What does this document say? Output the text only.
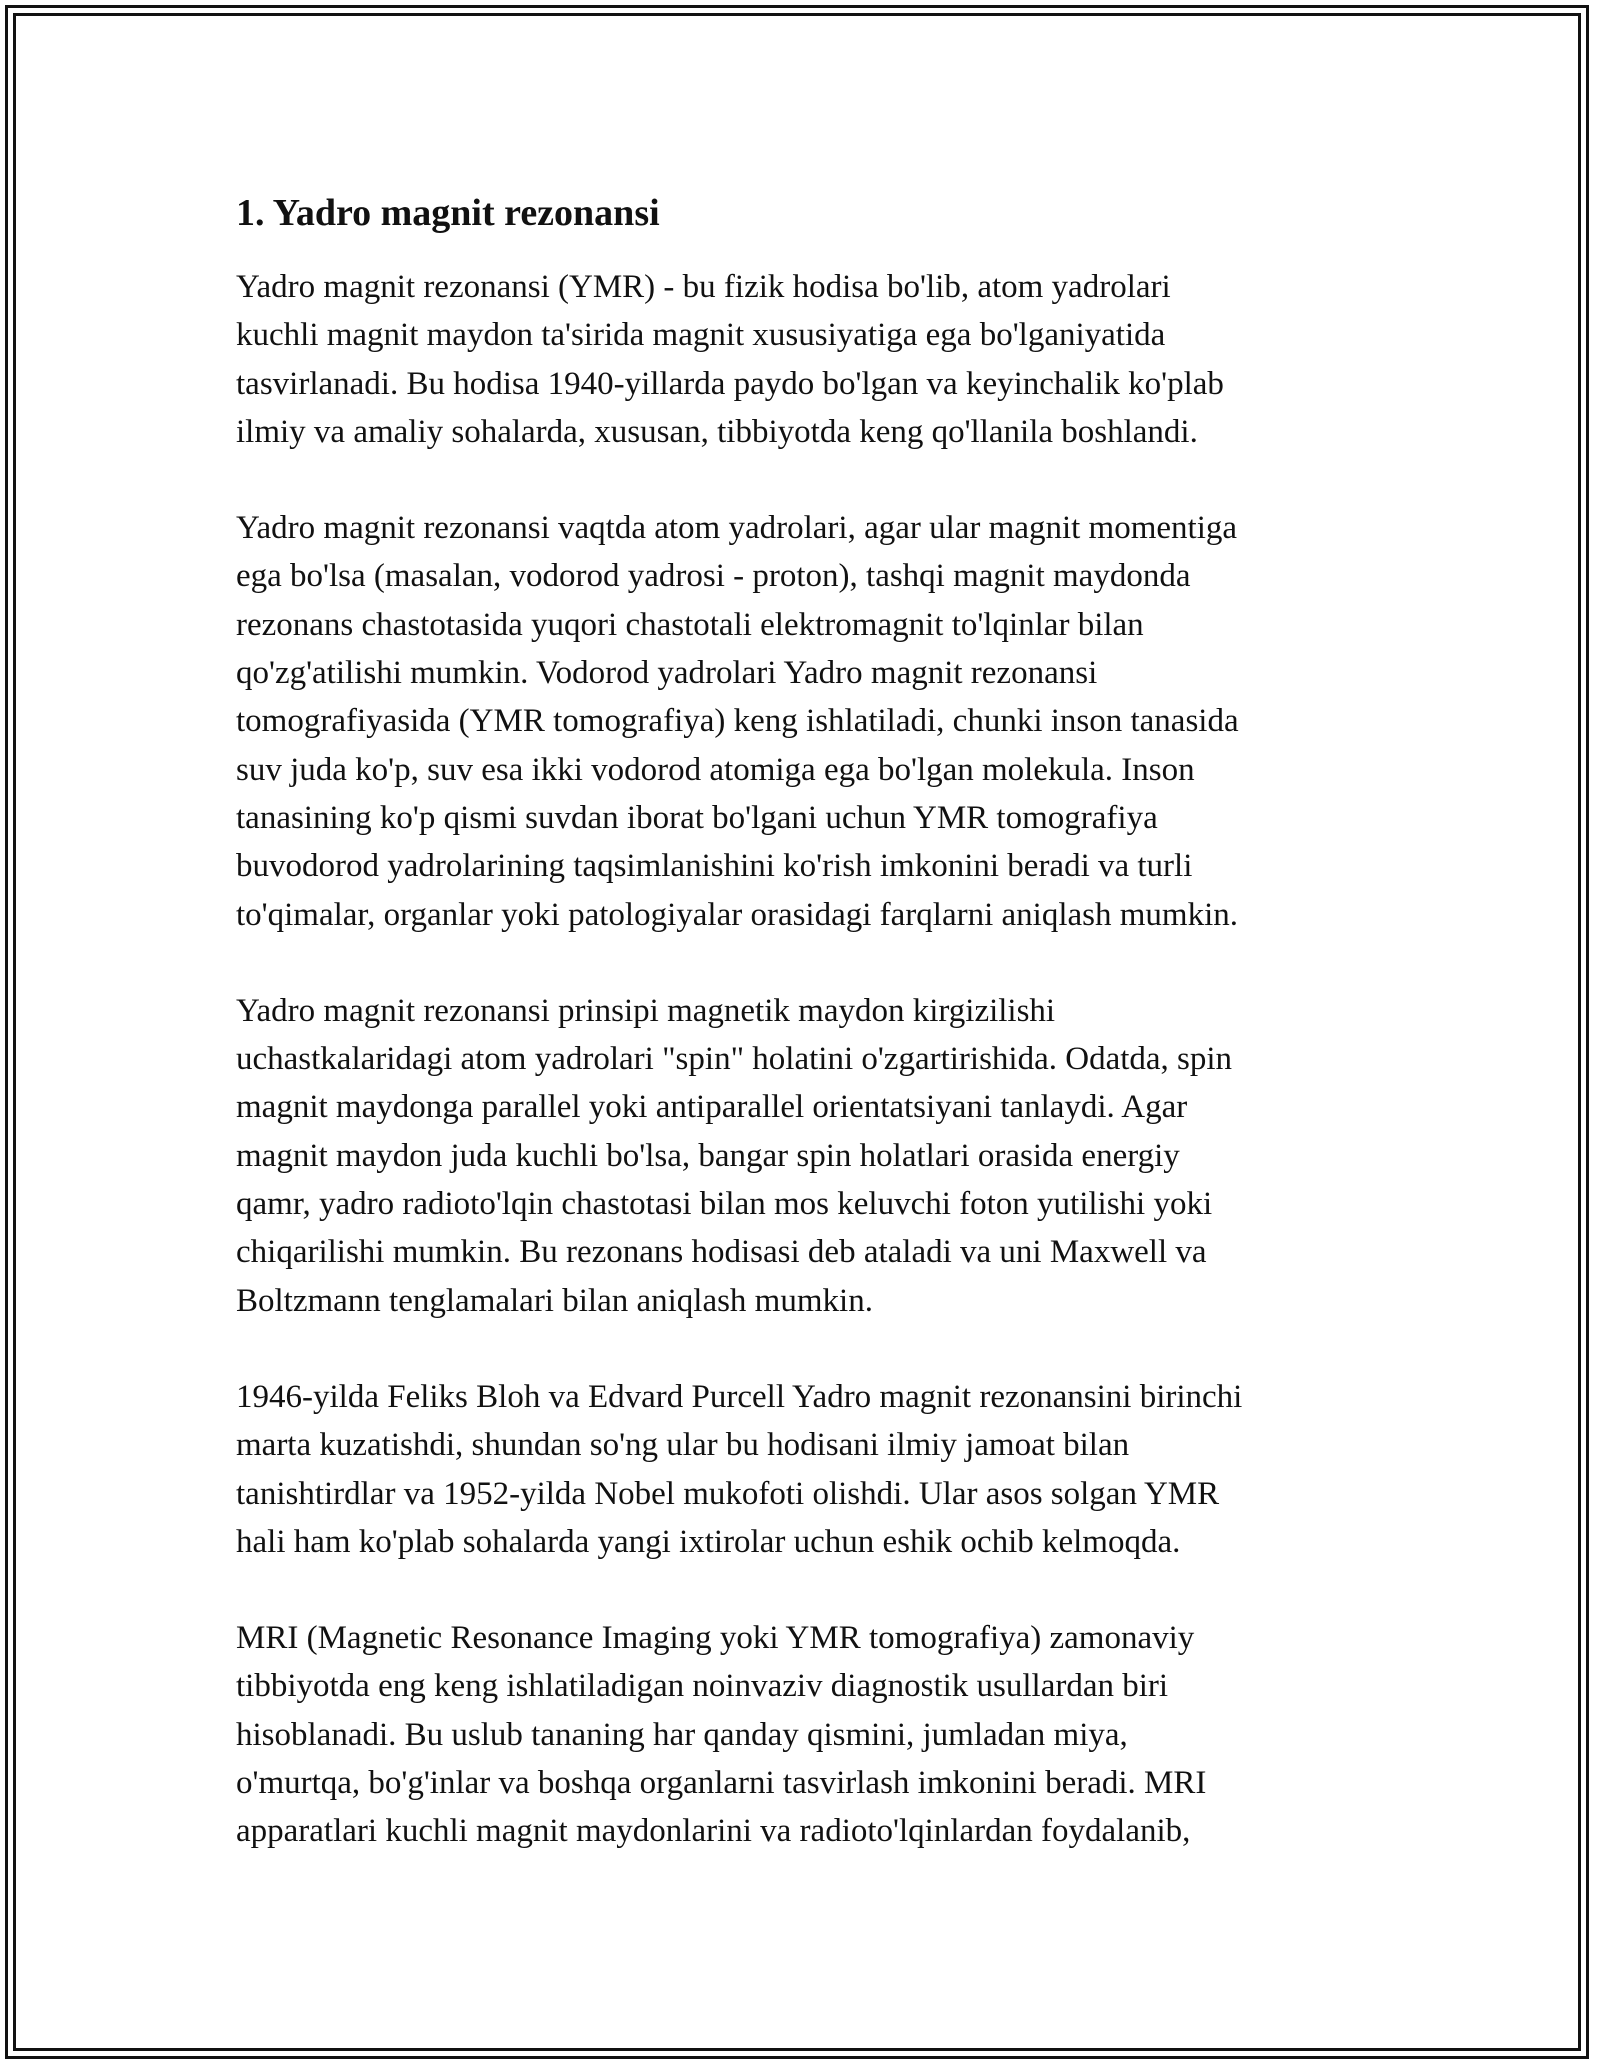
1. Yadro magnit rezonansi

Yadro magnit rezonansi (YMR) - bu fizik hodisa bo'lib, atom yadrolari
kuchli magnit maydon ta'sirida magnit xususiyatiga ega bo'lganiyatida
tasvirlanadi. Bu hodisa 1940-yillarda paydo bo'lgan va keyinchalik ko'plab
ilmiy va amaliy sohalarda, xususan, tibbiyotda keng qo'llanila boshlandi.

Yadro magnit rezonansi vaqtda atom yadrolari, agar ular magnit momentiga
ega bo'lsa (masalan, vodorod yadrosi - proton), tashqi magnit maydonda
rezonans chastotasida yuqori chastotali elektromagnit to'lqinlar bilan
qo'zg'atilishi mumkin. Vodorod yadrolari Yadro magnit rezonansi
tomografiyasida (YMR tomografiya) keng ishlatiladi, chunki inson tanasida
suv juda ko'p, suv esa ikki vodorod atomiga ega bo'lgan molekula. Inson
tanasining ko'p qismi suvdan iborat bo'lgani uchun YMR tomografiya
buvodorod yadrolarining taqsimlanishini ko'rish imkonini beradi va turli
to'qimalar, organlar yoki patologiyalar orasidagi farqlarni aniqlash mumkin.

Yadro magnit rezonansi prinsipi magnetik maydon kirgizilishi
uchastkalaridagi atom yadrolari "spin" holatini o'zgartirishida. Odatda, spin
magnit maydonga parallel yoki antiparallel orientatsiyani tanlaydi. Agar
magnit maydon juda kuchli bo'lsa, bangar spin holatlari orasida energiy
qamr, yadro radioto'lqin chastotasi bilan mos keluvchi foton yutilishi yoki
chiqarilishi mumkin. Bu rezonans hodisasi deb ataladi va uni Maxwell va
Boltzmann tenglamalari bilan aniqlash mumkin.

1946-yilda Feliks Bloh va Edvard Purcell Yadro magnit rezonansini birinchi
marta kuzatishdi, shundan so'ng ular bu hodisani ilmiy jamoat bilan
tanishtirdlar va 1952-yilda Nobel mukofoti olishdi. Ular asos solgan YMR
hali ham ko'plab sohalarda yangi ixtirolar uchun eshik ochib kelmoqda.

MRI (Magnetic Resonance Imaging yoki YMR tomografiya) zamonaviy
tibbiyotda eng keng ishlatiladigan noinvaziv diagnostik usullardan biri
hisoblanadi. Bu uslub tananing har qanday qismini, jumladan miya,
o'murtqa, bo'g'inlar va boshqa organlarni tasvirlash imkonini beradi. MRI
apparatlari kuchli magnit maydonlarini va radioto'lqinlardan foydalanib,
